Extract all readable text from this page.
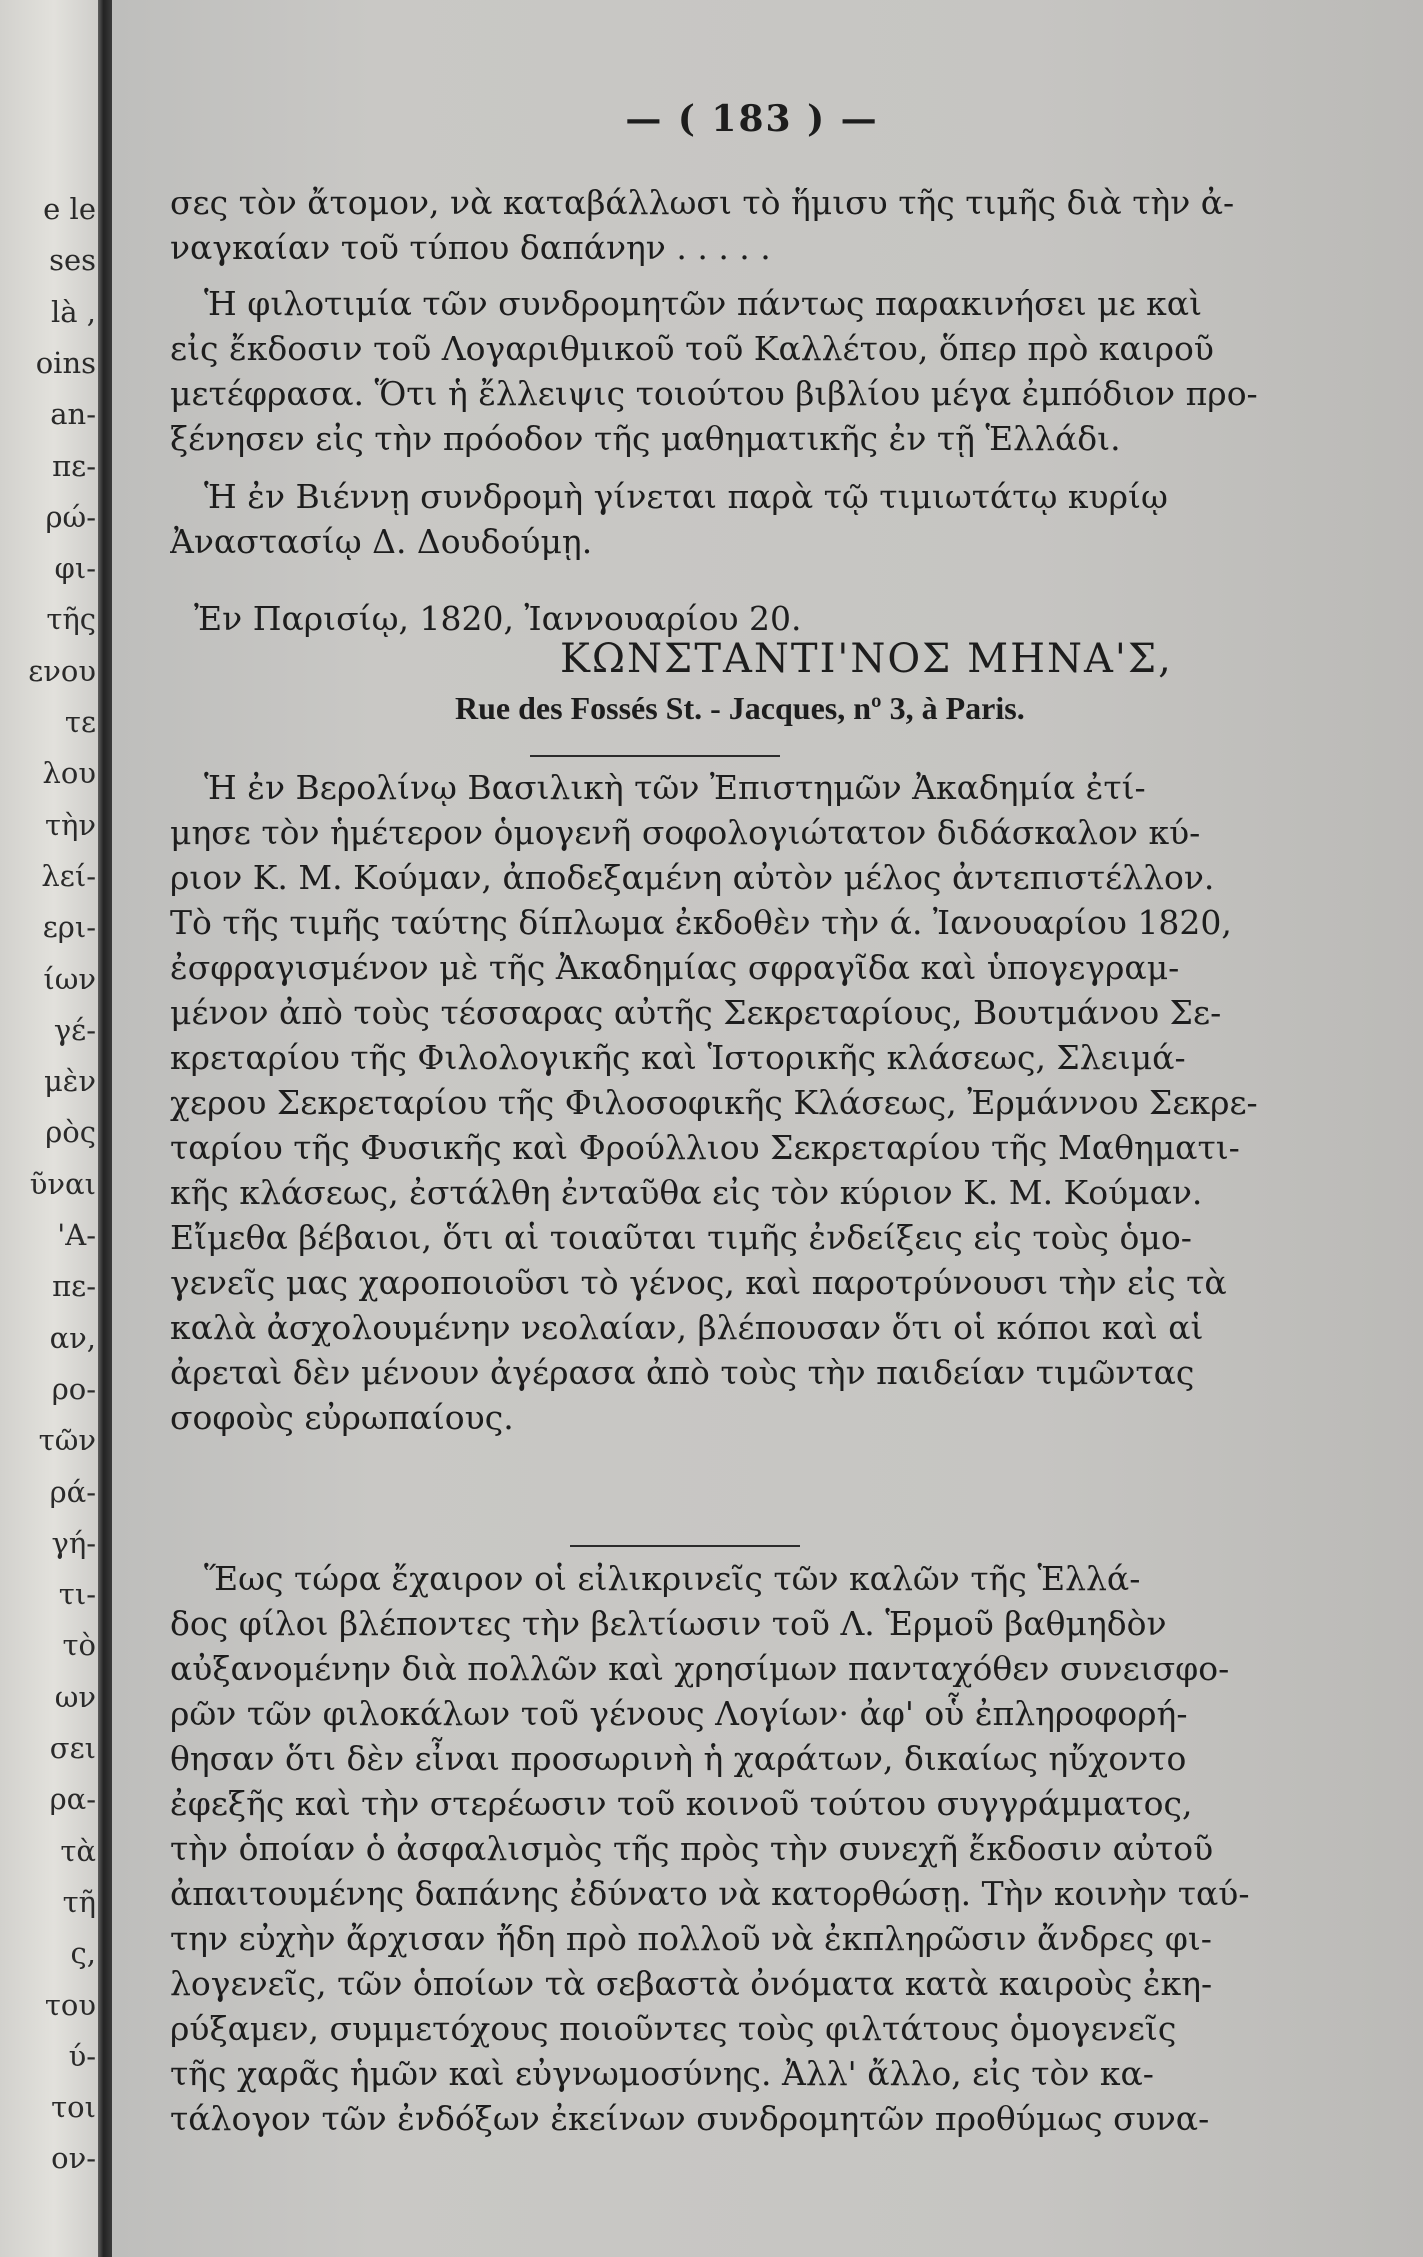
e le
ses
là ,
oins
an-
πε-
ρώ-
φι-
τῆς
ενου
τε
λου
τὴν
λεί-
ερι-
ίων
γέ-
μὲν
ρὸς
ῦναι
'Α-
πε-
αν,
ρο-
τῶν
ρά-
γή-
τι-
τὸ
ων
σει
ρα-
τὰ
τῆ
ς,
του
ύ-
τοι
ον-
— ( 183 ) —
σες τὸν ἄτομον, νὰ καταβάλλωσι τὸ ἥμισυ τῆς τιμῆς διὰ τὴν ἀ-
ναγκαίαν τοῦ τύπου δαπάνην . . . . .
Ἡ φιλοτιμία τῶν συνδρομητῶν πάντως παρακινήσει με καὶ
εἰς ἔκδοσιν τοῦ Λογαριθμικοῦ τοῦ Καλλέτου, ὅπερ πρὸ καιροῦ
μετέφρασα. Ὅτι ἡ ἔλλειψις τοιούτου βιβλίου μέγα ἐμπόδιον προ-
ξένησεν εἰς τὴν πρόοδον τῆς μαθηματικῆς ἐν τῇ Ἑλλάδι.
Ἡ ἐν Βιέννῃ συνδρομὴ γίνεται παρὰ τῷ τιμιωτάτῳ κυρίῳ
Ἀναστασίῳ Δ. Δουδούμῃ.
Ἐν Παρισίῳ, 1820, Ἰαννουαρίου 20.
ΚΩΝΣΤΑΝΤΙ'ΝΟΣ ΜΗΝΑ'Σ,
Rue des Fossés St. - Jacques, nº 3, à Paris.
Ἡ ἐν Βερολίνῳ Βασιλικὴ τῶν Ἐπιστημῶν Ἀκαδημία ἐτί-
μησε τὸν ἡμέτερον ὁμογενῆ σοφολογιώτατον διδάσκαλον κύ-
ριον Κ. Μ. Κούμαν, ἀποδεξαμένη αὐτὸν μέλος ἀντεπιστέλλον.
Τὸ τῆς τιμῆς ταύτης δίπλωμα ἐκδοθὲν τὴν ά. Ἰανουαρίου 1820,
ἐσφραγισμένον μὲ τῆς Ἀκαδημίας σφραγῖδα καὶ ὑπογεγραμ-
μένον ἀπὸ τοὺς τέσσαρας αὐτῆς Σεκρεταρίους, Βουτμάνου Σε-
κρεταρίου τῆς Φιλολογικῆς καὶ Ἱστορικῆς κλάσεως, Σλειμά-
χερου Σεκρεταρίου τῆς Φιλοσοφικῆς Κλάσεως, Ἐρμάννου Σεκρε-
ταρίου τῆς Φυσικῆς καὶ Φρούλλιου Σεκρεταρίου τῆς Μαθηματι-
κῆς κλάσεως, ἐστάλθη ἐνταῦθα εἰς τὸν κύριον Κ. Μ. Κούμαν.
Εἴμεθα βέβαιοι, ὅτι αἱ τοιαῦται τιμῆς ἐνδείξεις εἰς τοὺς ὁμο-
γενεῖς μας χαροποιοῦσι τὸ γένος, καὶ παροτρύνουσι τὴν εἰς τὰ
καλὰ ἀσχολουμένην νεολαίαν, βλέπουσαν ὅτι οἱ κόποι καὶ αἱ
ἀρεταὶ δὲν μένουν ἀγέρασα ἀπὸ τοὺς τὴν παιδείαν τιμῶντας
σοφοὺς εὐρωπαίους.
Ἕως τώρα ἔχαιρον οἱ εἰλικρινεῖς τῶν καλῶν τῆς Ἑλλά-
δος φίλοι βλέποντες τὴν βελτίωσιν τοῦ Λ. Ἑρμοῦ βαθμηδὸν
αὐξανομένην διὰ πολλῶν καὶ χρησίμων πανταχόθεν συνεισφο-
ρῶν τῶν φιλοκάλων τοῦ γένους Λογίων· ἀφ' οὗ ἐπληροφορή-
θησαν ὅτι δὲν εἶναι προσωρινὴ ἡ χαράτων, δικαίως ηὔχοντο
ἐφεξῆς καὶ τὴν στερέωσιν τοῦ κοινοῦ τούτου συγγράμματος,
τὴν ὁποίαν ὁ ἀσφαλισμὸς τῆς πρὸς τὴν συνεχῆ ἔκδοσιν αὐτοῦ
ἀπαιτουμένης δαπάνης ἐδύνατο νὰ κατορθώσῃ. Τὴν κοινὴν ταύ-
την εὐχὴν ἄρχισαν ἤδη πρὸ πολλοῦ νὰ ἐκπληρῶσιν ἄνδρες φι-
λογενεῖς, τῶν ὁποίων τὰ σεβαστὰ ὀνόματα κατὰ καιροὺς ἐκη-
ρύξαμεν, συμμετόχους ποιοῦντες τοὺς φιλτάτους ὁμογενεῖς
τῆς χαρᾶς ἡμῶν καὶ εὐγνωμοσύνης. Ἀλλ' ἄλλο, εἰς τὸν κα-
τάλογον τῶν ἐνδόξων ἐκείνων συνδρομητῶν προθύμως συνα-
